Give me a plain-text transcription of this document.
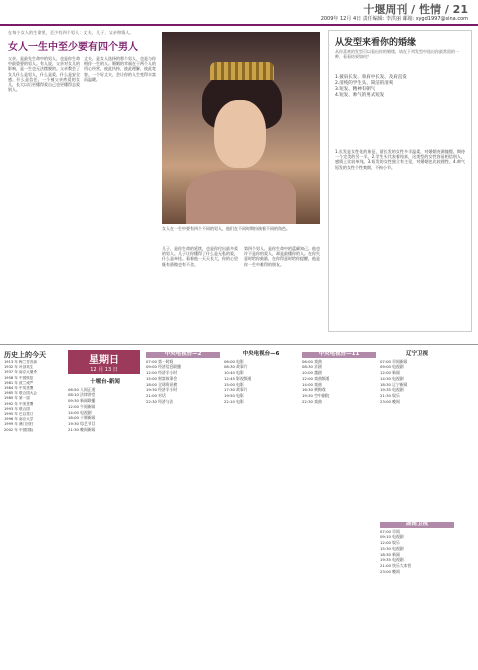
十堰周刊 / 性情 / 21
2009年 12月 4日 责任编辑: 李洪丽 邮箱: sygd1997@sina.com
在每个女人的生命里，至少有四个男人：丈夫、儿子、父亲和情人。
女人一生中至少要有四个男人
父亲、是最先生命中的男人，也是你生命中最重要的男人。有人说，父亲对女儿的影响，是一生也无法摆脱的。父亲教会了女儿什么是男人，什么是爱，什么是安全感，什么是信任。一个被父亲疼爱的女儿，长大以后更懂得爱自己也更懂得去爱别人。
丈夫、是女人选择的那个男人，也是与你相伴一生的人。婚姻的幸福在于两个人的用心经营，彼此扶持，彼此理解，彼此宽容。一个好丈夫，会让你的人生变得丰富而温暖。
女人在一生中要有四个不同的男人，他们在不同时期扮演着不同的角色。
儿子，是你生命的延续，也是你付出最多爱的男人。儿子让你懂得了什么是无私的爱，什么是牵挂。看着他一天天长大，你的心里既有骄傲也有不舍。
第四个男人，是你生命中的蓝颜知己。他也许不是你的爱人，却是最懂你的人。在你失意时给你鼓励，在你得意时给你提醒，他是你一生中难得的朋友。
从发型来看你的婚缘
从你喜欢的发型可以看出你的婚缘，请在下列发型中选出你最常留的一种，看看结果如何？
1.披肩长发、垂肩中长发、及肩直发
2.清纯的学生头、简洁的清爽
3.短发、精神有朝气
4.短发、帅气的男式短发
1.长发是女性化的象征，留长发的女性多半温柔，对婚姻充满憧憬，期待一个完美的另一半。2.学生头代表着纯真，这类型的女性容易相信别人，感情上比较单纯。3.短发的女性独立有主见，对婚姻也比较理性。4.帅气短发的女性个性爽朗，不拘小节。
历史上的今天
1913 年 梅兰芳首演
1932 年 叶剑英生
1937 年 南京大屠杀
1958 年 中国恢复
1981 年 波兰戒严
1984 年 中英签署
1985 年 联合国大会
1989 年 第一届
1992 年 中美签署
1993 年 联合国
1995 年 巴以签订
1996 年 南京大学
1999 年 澳门回归
2002 年 中国国际
星期日
12 月 13 日
十堰台-新闻
06:50 人间正道
08:10 法律讲堂
09:30 新闻联播
12:00 午间新闻
14:00 电视剧
18:00 十堰新闻
19:30 综艺节目
21:30 晚间新闻
中央电视台—2
07:00 第一时间
09:00 经济信息联播
12:00 经济半小时
15:00 财富故事会
18:00 全球资讯榜
19:30 经济半小时
21:00 对话
22:30 经济与法
中央电视台—6
06:00 电影
08:30 故事片
10:40 电影
12:45 影视频道
15:00 电影
17:30 故事片
19:50 电影
22:10 电影
中央电视台—11
06:00 戏曲
08:30 京剧
10:00 越剧
12:00 戏曲频道
14:00 戏曲
16:30 黄梅戏
19:30 空中剧院
22:30 戏曲
辽宁卫视
07:00 早间新闻
09:00 电视剧
12:00 新闻
14:30 电视剧
18:30 辽宁新闻
19:35 电视剧
21:30 娱乐
23:00 晚间
湖南卫视
07:00 早间
09:10 电视剧
12:00 娱乐
15:30 电视剧
18:30 新闻
19:35 电视剧
21:00 快乐大本营
23:00 晚间
